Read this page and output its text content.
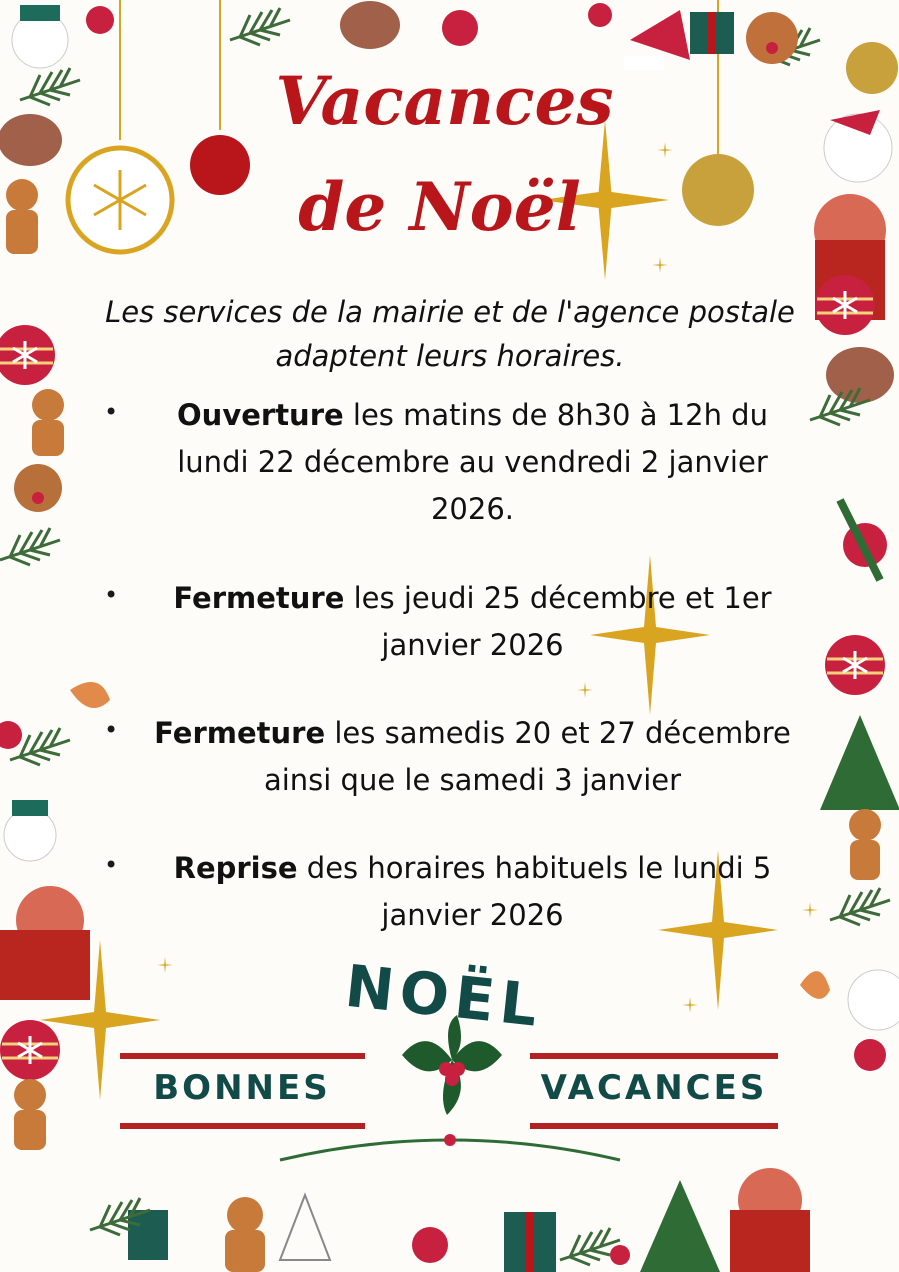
Vacances
de Noël
Les services de la mairie et de l'agence postale adaptent leurs horaires.
•	Ouverture les matins de 8h30 à 12h du lundi 22 décembre au vendredi 2 janvier 2026.
•	Fermeture les jeudi 25 décembre et 1er janvier 2026
•	Fermeture les samedis 20 et 27 décembre ainsi que le samedi 3 janvier
•	Reprise des horaires habituels le lundi 5 janvier 2026
NOËL
BONNES	VACANCES
